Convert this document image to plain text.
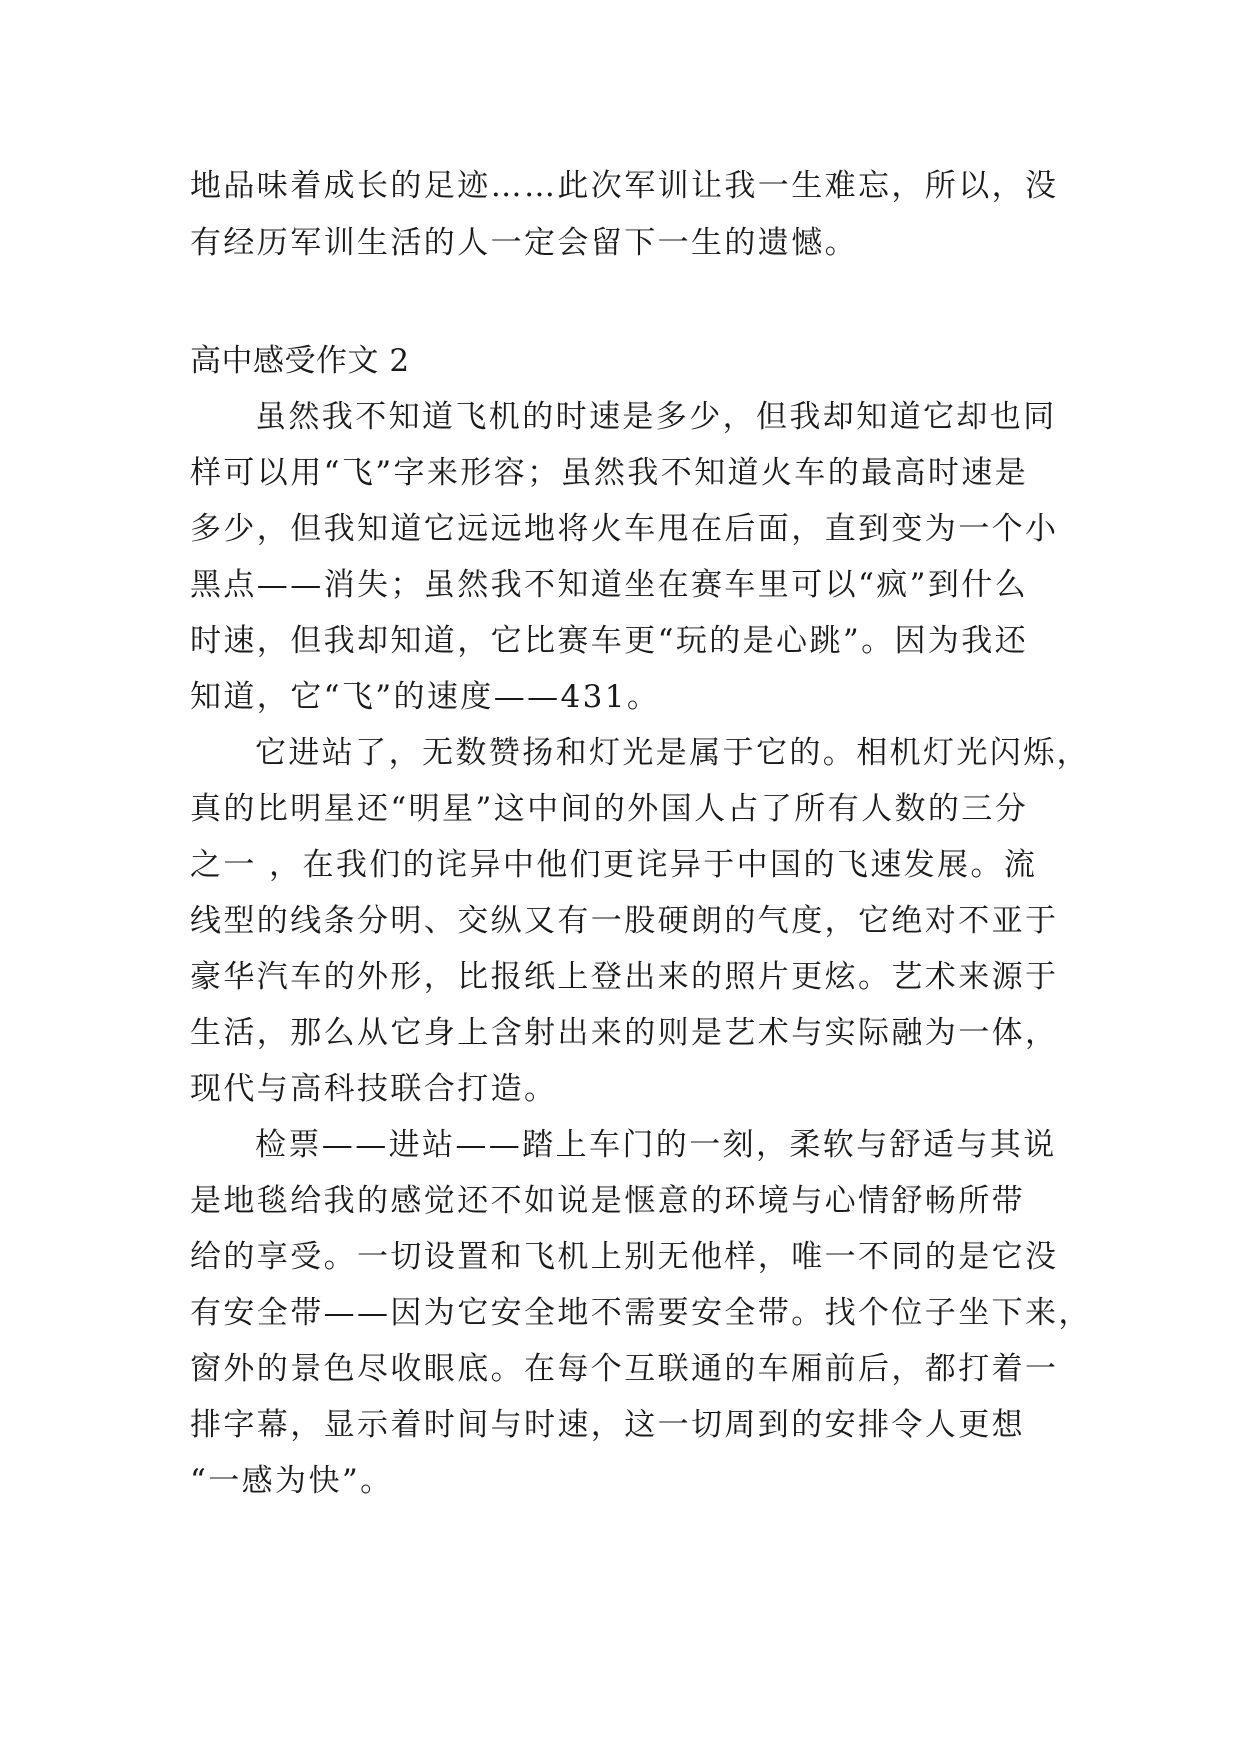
地品味着成长的足迹……此次军训让我一生难忘，所以，没
有经历军训生活的人一定会留下一生的遗憾。
高中感受作文 2
虽然我不知道飞机的时速是多少，但我却知道它却也同
样可以用“飞”字来形容；虽然我不知道火车的最高时速是
多少，但我知道它远远地将火车甩在后面，直到变为一个小
黑点——消失；虽然我不知道坐在赛车里可以“疯”到什么
时速，但我却知道，它比赛车更“玩的是心跳”。因为我还
知道，它“飞”的速度——431。
它进站了，无数赞扬和灯光是属于它的。相机灯光闪烁，
真的比明星还“明星”这中间的外国人占了所有人数的三分
之一 ，在我们的诧异中他们更诧异于中国的飞速发展。流
线型的线条分明、交纵又有一股硬朗的气度，它绝对不亚于
豪华汽车的外形，比报纸上登出来的照片更炫。艺术来源于
生活，那么从它身上含射出来的则是艺术与实际融为一体，
现代与高科技联合打造。
检票——进站——踏上车门的一刻，柔软与舒适与其说
是地毯给我的感觉还不如说是惬意的环境与心情舒畅所带
给的享受。一切设置和飞机上别无他样，唯一不同的是它没
有安全带——因为它安全地不需要安全带。找个位子坐下来，
窗外的景色尽收眼底。在每个互联通的车厢前后，都打着一
排字幕，显示着时间与时速，这一切周到的安排令人更想
“一感为快”。
